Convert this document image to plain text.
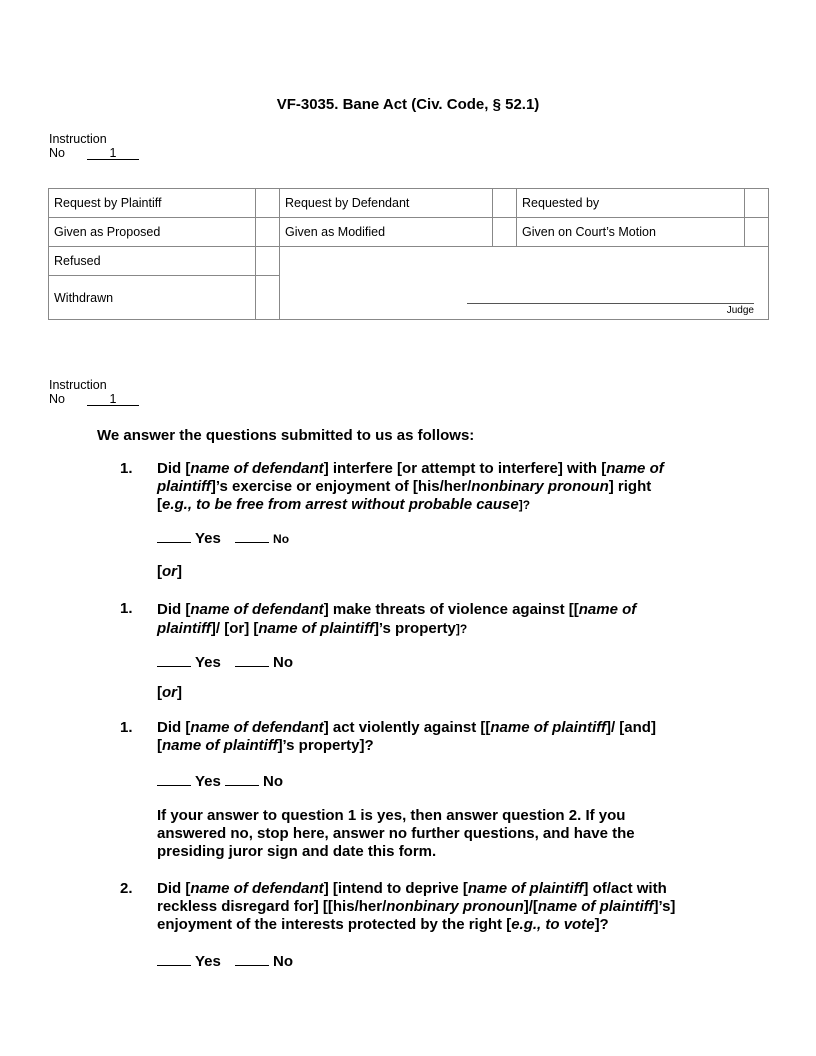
VF-3035. Bane Act (Civ. Code, § 52.1)
Instruction
No	1
Request by Plaintiff		Request by Defendant		Requested by	
Given as Proposed		Given as Modified		Given on Court’s Motion	
Refused					
Withdrawn					
Judge
Instruction
No	1
We answer the questions submitted to us as follows:
1. Did [name of defendant] interfere [or attempt to interfere] with [name of
plaintiff]’s exercise or enjoyment of [his/her/nonbinary pronoun] right
[e.g., to be free from arrest without probable cause]?
Yes	No
[or]
1. Did [name of defendant] make threats of violence against [[name of
plaintiff]/ [or] [name of plaintiff]’s property]?
Yes	No
[or]
1. Did [name of defendant] act violently against [[name of plaintiff]/ [and]
[name of plaintiff]’s property]?
Yes	No
If your answer to question 1 is yes, then answer question 2. If you
answered no, stop here, answer no further questions, and have the
presiding juror sign and date this form.
2. Did [name of defendant] [intend to deprive [name of plaintiff] of/act with
reckless disregard for] [[his/her/nonbinary pronoun]/[name of plaintiff]’s]
enjoyment of the interests protected by the right [e.g., to vote]?
Yes	No
